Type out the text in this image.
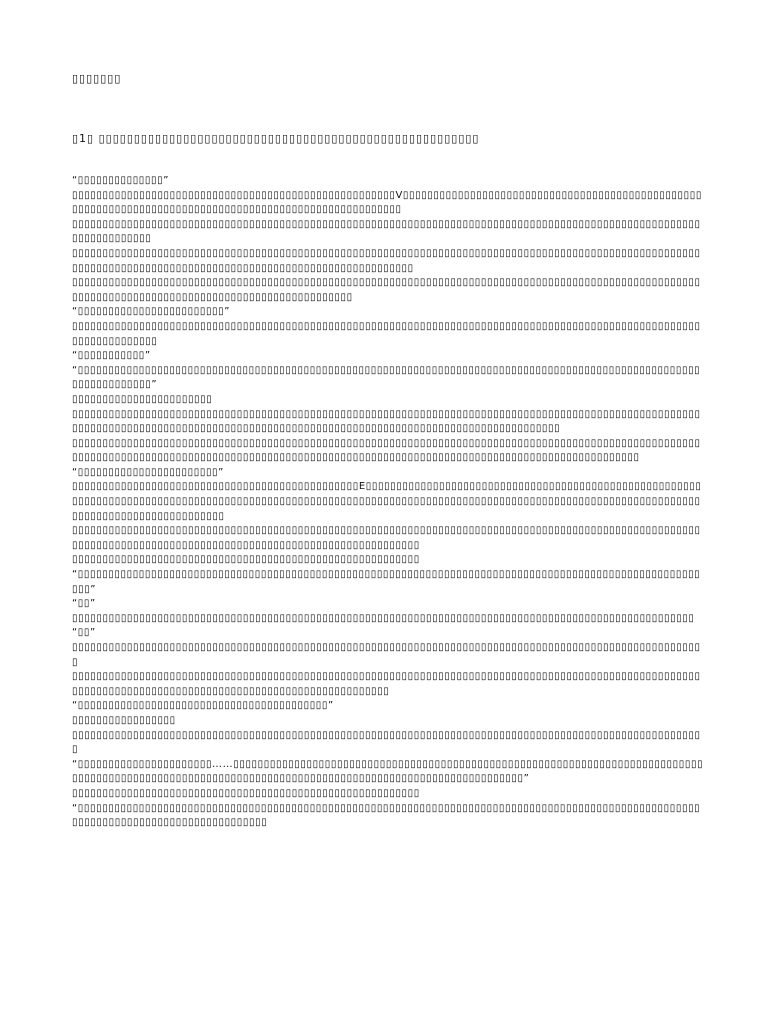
▯▯▯▯▯▯▯
▯1▯ ▯▯▯▯▯▯▯▯▯▯▯▯▯▯▯▯▯▯▯▯▯▯▯▯▯▯▯▯▯▯▯▯▯▯▯▯▯▯▯▯▯▯▯▯▯▯▯▯▯▯▯▯▯▯

“▯▯▯▯▯▯▯▯▯▯▯▯▯▯”

▯▯▯▯▯▯▯▯▯▯▯▯▯▯▯▯▯▯▯▯▯▯▯▯▯▯▯▯▯▯▯▯▯▯▯▯▯▯▯▯▯▯▯▯▯▯▯▯▯▯▯▯▯V▯▯▯▯▯▯▯▯▯▯▯▯▯▯▯▯▯▯▯▯▯▯▯▯▯▯▯▯▯▯▯▯▯▯▯▯▯▯▯▯▯▯▯▯▯▯▯▯▯▯▯▯▯▯▯▯▯▯▯▯▯▯▯▯▯▯▯▯▯▯▯▯▯▯▯▯▯▯▯▯▯▯▯▯▯▯▯▯▯▯▯▯▯▯▯▯▯▯▯▯▯▯▯

▯▯▯▯▯▯▯▯▯▯▯▯▯▯▯▯▯▯▯▯▯▯▯▯▯▯▯▯▯▯▯▯▯▯▯▯▯▯▯▯▯▯▯▯▯▯▯▯▯▯▯▯▯▯▯▯▯▯▯▯▯▯▯▯▯▯▯▯▯▯▯▯▯▯▯▯▯▯▯▯▯▯▯▯▯▯▯▯▯▯▯▯▯▯▯▯▯▯▯▯▯▯▯▯▯▯▯▯▯▯▯▯▯▯▯▯

▯▯▯▯▯▯▯▯▯▯▯▯▯▯▯▯▯▯▯▯▯▯▯▯▯▯▯▯▯▯▯▯▯▯▯▯▯▯▯▯▯▯▯▯▯▯▯▯▯▯▯▯▯▯▯▯▯▯▯▯▯▯▯▯▯▯▯▯▯▯▯▯▯▯▯▯▯▯▯▯▯▯▯▯▯▯▯▯▯▯▯▯▯▯▯▯▯▯▯▯▯▯▯▯▯▯▯▯▯▯▯▯▯▯▯▯▯▯▯▯▯▯▯▯▯▯▯▯▯▯▯▯▯▯▯▯▯▯▯▯▯▯▯▯▯▯▯▯▯▯▯▯▯▯▯▯▯▯▯

▯▯▯▯▯▯▯▯▯▯▯▯▯▯▯▯▯▯▯▯▯▯▯▯▯▯▯▯▯▯▯▯▯▯▯▯▯▯▯▯▯▯▯▯▯▯▯▯▯▯▯▯▯▯▯▯▯▯▯▯▯▯▯▯▯▯▯▯▯▯▯▯▯▯▯▯▯▯▯▯▯▯▯▯▯▯▯▯▯▯▯▯▯▯▯▯▯▯▯▯▯▯▯▯▯▯▯▯▯▯▯▯▯▯▯▯▯▯▯▯▯▯▯▯▯▯▯▯▯▯▯▯▯▯▯▯▯▯▯▯▯▯▯▯▯▯▯▯▯

“▯▯▯▯▯▯▯▯▯▯▯▯▯▯▯▯▯▯▯▯▯▯▯▯”

▯▯▯▯▯▯▯▯▯▯▯▯▯▯▯▯▯▯▯▯▯▯▯▯▯▯▯▯▯▯▯▯▯▯▯▯▯▯▯▯▯▯▯▯▯▯▯▯▯▯▯▯▯▯▯▯▯▯▯▯▯▯▯▯▯▯▯▯▯▯▯▯▯▯▯▯▯▯▯▯▯▯▯▯▯▯▯▯▯▯▯▯▯▯▯▯▯▯▯▯▯▯▯▯▯▯▯▯▯▯▯▯▯▯▯▯▯

“▯▯▯▯▯▯▯▯▯▯▯”

“▯▯▯▯▯▯▯▯▯▯▯▯▯▯▯▯▯▯▯▯▯▯▯▯▯▯▯▯▯▯▯▯▯▯▯▯▯▯▯▯▯▯▯▯▯▯▯▯▯▯▯▯▯▯▯▯▯▯▯▯▯▯▯▯▯▯▯▯▯▯▯▯▯▯▯▯▯▯▯▯▯▯▯▯▯▯▯▯▯▯▯▯▯▯▯▯▯▯▯▯▯▯▯▯▯▯▯▯▯▯▯▯▯▯▯”

▯▯▯▯▯▯▯▯▯▯▯▯▯▯▯▯▯▯▯▯▯▯▯

▯▯▯▯▯▯▯▯▯▯▯▯▯▯▯▯▯▯▯▯▯▯▯▯▯▯▯▯▯▯▯▯▯▯▯▯▯▯▯▯▯▯▯▯▯▯▯▯▯▯▯▯▯▯▯▯▯▯▯▯▯▯▯▯▯▯▯▯▯▯▯▯▯▯▯▯▯▯▯▯▯▯▯▯▯▯▯▯▯▯▯▯▯▯▯▯▯▯▯▯▯▯▯▯▯▯▯▯▯▯▯▯▯▯▯▯▯▯▯▯▯▯▯▯▯▯▯▯▯▯▯▯▯▯▯▯▯▯▯▯▯▯▯▯▯▯▯▯▯▯▯▯▯▯▯▯▯▯▯▯▯▯▯▯▯▯▯▯▯▯▯▯▯▯▯▯▯▯▯▯▯▯▯

▯▯▯▯▯▯▯▯▯▯▯▯▯▯▯▯▯▯▯▯▯▯▯▯▯▯▯▯▯▯▯▯▯▯▯▯▯▯▯▯▯▯▯▯▯▯▯▯▯▯▯▯▯▯▯▯▯▯▯▯▯▯▯▯▯▯▯▯▯▯▯▯▯▯▯▯▯▯▯▯▯▯▯▯▯▯▯▯▯▯▯▯▯▯▯▯▯▯▯▯▯▯▯▯▯▯▯▯▯▯▯▯▯▯▯▯▯▯▯▯▯▯▯▯▯▯▯▯▯▯▯▯▯▯▯▯▯▯▯▯▯▯▯▯▯▯▯▯▯▯▯▯▯▯▯▯▯▯▯▯▯▯▯▯▯▯▯▯▯▯▯▯▯▯▯▯▯▯▯▯▯▯▯▯▯▯▯▯▯▯▯▯▯▯▯▯

“▯▯▯▯▯▯▯▯▯▯▯▯▯▯▯▯▯▯▯▯▯▯▯”

▯▯▯▯▯▯▯▯▯▯▯▯▯▯▯▯▯▯▯▯▯▯▯▯▯▯▯▯▯▯▯▯▯▯▯▯▯▯▯▯▯▯▯▯▯▯▯E▯▯▯▯▯▯▯▯▯▯▯▯▯▯▯▯▯▯▯▯▯▯▯▯▯▯▯▯▯▯▯▯▯▯▯▯▯▯▯▯▯▯▯▯▯▯▯▯▯▯▯▯▯▯▯▯▯▯▯▯▯▯▯▯▯▯▯▯▯▯▯▯▯▯▯▯▯▯▯▯▯▯▯▯▯▯▯▯▯▯▯▯▯▯▯▯▯▯▯▯▯▯▯▯▯▯▯▯▯▯▯▯▯▯▯▯▯▯▯▯▯▯▯▯▯▯▯▯▯▯▯▯▯▯▯▯▯▯▯▯▯▯▯▯▯▯▯▯▯▯▯▯▯▯▯▯▯▯▯▯▯▯▯▯▯▯▯▯▯▯▯▯▯▯▯▯▯▯▯▯▯▯▯

▯▯▯▯▯▯▯▯▯▯▯▯▯▯▯▯▯▯▯▯▯▯▯▯▯▯▯▯▯▯▯▯▯▯▯▯▯▯▯▯▯▯▯▯▯▯▯▯▯▯▯▯▯▯▯▯▯▯▯▯▯▯▯▯▯▯▯▯▯▯▯▯▯▯▯▯▯▯▯▯▯▯▯▯▯▯▯▯▯▯▯▯▯▯▯▯▯▯▯▯▯▯▯▯▯▯▯▯▯▯▯▯▯▯▯▯▯▯▯▯▯▯▯▯▯▯▯▯▯▯▯▯▯▯▯▯▯▯▯▯▯▯▯▯▯▯▯▯▯▯▯▯▯▯▯▯▯▯▯▯

▯▯▯▯▯▯▯▯▯▯▯▯▯▯▯▯▯▯▯▯▯▯▯▯▯▯▯▯▯▯▯▯▯▯▯▯▯▯▯▯▯▯▯▯▯▯▯▯▯▯▯▯▯▯▯▯▯

“▯▯▯▯▯▯▯▯▯▯▯▯▯▯▯▯▯▯▯▯▯▯▯▯▯▯▯▯▯▯▯▯▯▯▯▯▯▯▯▯▯▯▯▯▯▯▯▯▯▯▯▯▯▯▯▯▯▯▯▯▯▯▯▯▯▯▯▯▯▯▯▯▯▯▯▯▯▯▯▯▯▯▯▯▯▯▯▯▯▯▯▯▯▯▯▯▯▯▯▯▯▯▯▯▯”

“▯▯”

▯▯▯▯▯▯▯▯▯▯▯▯▯▯▯▯▯▯▯▯▯▯▯▯▯▯▯▯▯▯▯▯▯▯▯▯▯▯▯▯▯▯▯▯▯▯▯▯▯▯▯▯▯▯▯▯▯▯▯▯▯▯▯▯▯▯▯▯▯▯▯▯▯▯▯▯▯▯▯▯▯▯▯▯▯▯▯▯▯▯▯▯▯▯▯▯▯▯▯▯▯▯

“▯▯”

▯▯▯▯▯▯▯▯▯▯▯▯▯▯▯▯▯▯▯▯▯▯▯▯▯▯▯▯▯▯▯▯▯▯▯▯▯▯▯▯▯▯▯▯▯▯▯▯▯▯▯▯▯▯▯▯▯▯▯▯▯▯▯▯▯▯▯▯▯▯▯▯▯▯▯▯▯▯▯▯▯▯▯▯▯▯▯▯▯▯▯▯▯▯▯▯▯▯▯▯▯▯▯▯

▯▯▯▯▯▯▯▯▯▯▯▯▯▯▯▯▯▯▯▯▯▯▯▯▯▯▯▯▯▯▯▯▯▯▯▯▯▯▯▯▯▯▯▯▯▯▯▯▯▯▯▯▯▯▯▯▯▯▯▯▯▯▯▯▯▯▯▯▯▯▯▯▯▯▯▯▯▯▯▯▯▯▯▯▯▯▯▯▯▯▯▯▯▯▯▯▯▯▯▯▯▯▯▯▯▯▯▯▯▯▯▯▯▯▯▯▯▯▯▯▯▯▯▯▯▯▯▯▯▯▯▯▯▯▯▯▯▯▯▯▯▯▯▯▯▯▯▯▯▯▯▯▯▯▯

“▯▯▯▯▯▯▯▯▯▯▯▯▯▯▯▯▯▯▯▯▯▯▯▯▯▯▯▯▯▯▯▯▯▯▯▯▯▯▯▯▯”

▯▯▯▯▯▯▯▯▯▯▯▯▯▯▯▯▯

▯▯▯▯▯▯▯▯▯▯▯▯▯▯▯▯▯▯▯▯▯▯▯▯▯▯▯▯▯▯▯▯▯▯▯▯▯▯▯▯▯▯▯▯▯▯▯▯▯▯▯▯▯▯▯▯▯▯▯▯▯▯▯▯▯▯▯▯▯▯▯▯▯▯▯▯▯▯▯▯▯▯▯▯▯▯▯▯▯▯▯▯▯▯▯▯▯▯▯▯▯▯▯▯

“▯▯▯▯▯▯▯▯▯▯▯▯▯▯▯▯▯▯▯▯▯▯……▯▯▯▯▯▯▯▯▯▯▯▯▯▯▯▯▯▯▯▯▯▯▯▯▯▯▯▯▯▯▯▯▯▯▯▯▯▯▯▯▯▯▯▯▯▯▯▯▯▯▯▯▯▯▯▯▯▯▯▯▯▯▯▯▯▯▯▯▯▯▯▯▯▯▯▯▯▯▯▯▯▯▯▯▯▯▯▯▯▯▯▯▯▯▯▯▯▯▯▯▯▯▯▯▯▯▯▯▯▯▯▯▯▯▯▯▯▯▯▯▯▯▯▯▯▯▯▯▯▯▯▯▯▯▯▯▯▯▯▯▯▯▯▯▯▯▯▯▯▯▯”

▯▯▯▯▯▯▯▯▯▯▯▯▯▯▯▯▯▯▯▯▯▯▯▯▯▯▯▯▯▯▯▯▯▯▯▯▯▯▯▯▯▯▯▯▯▯▯▯▯▯▯▯▯▯▯▯▯

“▯▯▯▯▯▯▯▯▯▯▯▯▯▯▯▯▯▯▯▯▯▯▯▯▯▯▯▯▯▯▯▯▯▯▯▯▯▯▯▯▯▯▯▯▯▯▯▯▯▯▯▯▯▯▯▯▯▯▯▯▯▯▯▯▯▯▯▯▯▯▯▯▯▯▯▯▯▯▯▯▯▯▯▯▯▯▯▯▯▯▯▯▯▯▯▯▯▯▯▯▯▯▯▯▯▯▯▯▯▯▯▯▯▯▯▯▯▯▯▯▯▯▯▯▯▯▯▯▯▯▯▯▯▯
